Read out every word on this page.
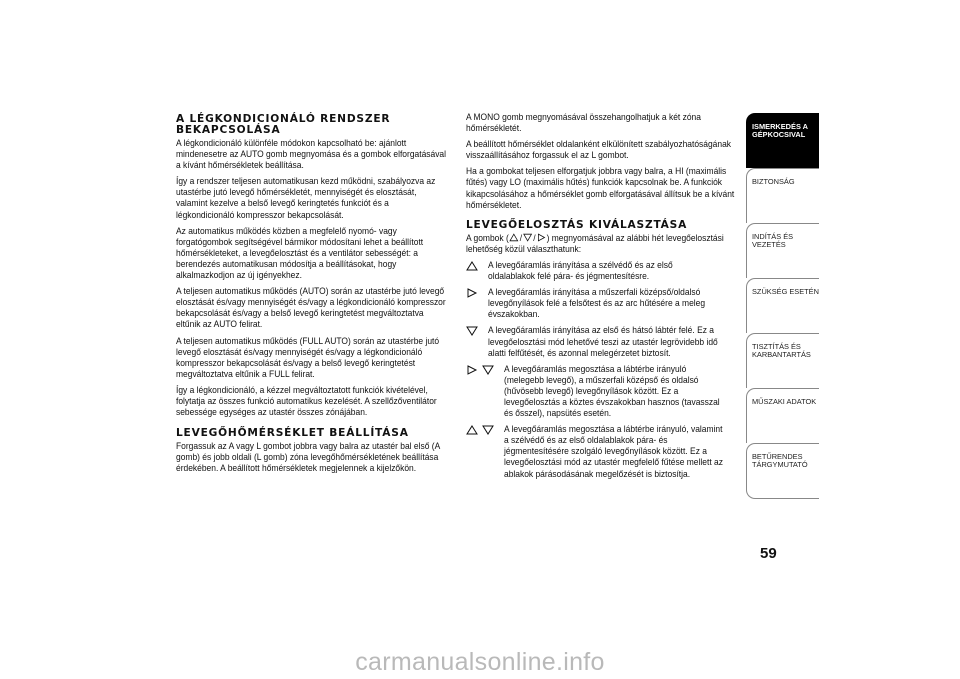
A LÉGKONDICIONÁLÓ RENDSZER BEKAPCSOLÁSA
A légkondicionáló különféle módokon kapcsolható be: ajánlott mindenesetre az AUTO gomb megnyomása és a gombok elforgatásával a kívánt hőmérsékletek beállítása.
Így a rendszer teljesen automatikusan kezd működni, szabályozva az utastérbe jutó levegő hőmérsékletét, mennyiségét és elosztását, valamint kezelve a belső levegő keringtetés funkciót és a légkondicionáló kompresszor bekapcsolását.
Az automatikus működés közben a megfelelő nyomó- vagy forgatógombok segítségével bármikor módosítani lehet a beállított hőmérsékleteket, a levegőelosztást és a ventilátor sebességét: a berendezés automatikusan módosítja a beállításokat, hogy alkalmazkodjon az új igényekhez.
A teljesen automatikus működés (AUTO) során az utastérbe jutó levegő elosztását és/vagy mennyiségét és/vagy a légkondicionáló kompresszor bekapcsolását és/vagy a belső levegő keringtetést megváltoztatva eltűnik az AUTO felirat.
A teljesen automatikus működés (FULL AUTO) során az utastérbe jutó levegő elosztását és/vagy mennyiségét és/vagy a légkondicionáló kompresszor bekapcsolását és/vagy a belső levegő keringtetést megváltoztatva eltűnik a FULL felirat.
Így a légkondicionáló, a kézzel megváltoztatott funkciók kivételével, folytatja az összes funkció automatikus kezelését. A szellőzőventilátor sebessége egységes az utastér összes zónájában.
LEVEGŐHŐMÉRSÉKLET BEÁLLÍTÁSA
Forgassuk az A vagy L gombot jobbra vagy balra az utastér bal első (A gomb) és jobb oldali (L gomb) zóna levegőhőmérsékletének beállítása érdekében. A beállított hőmérsékletek megjelennek a kijelzőkön.
A MONO gomb megnyomásával összehangolhatjuk a két zóna hőmérsékletét.
A beállított hőmérséklet oldalanként elkülönített szabályozhatóságának visszaállításához forgassuk el az L gombot.
Ha a gombokat teljesen elforgatjuk jobbra vagy balra, a HI (maximális fűtés) vagy LO (maximális hűtés) funkciók kapcsolnak be. A funkciók kikapcsolásához a hőmérséklet gomb elforgatásával állítsuk be a kívánt hőmérsékletet.
LEVEGŐELOSZTÁS KIVÁLASZTÁSA
A gombok ( / / ) megnyomásával az alábbi hét levegőelosztási lehetőség közül választhatunk:
A levegőáramlás irányítása a szélvédő és az első oldalablakok felé pára- és jégmentesítésre.
A levegőáramlás irányítása a műszerfali középső/oldalsó levegőnyílások felé a felsőtest és az arc hűtésére a meleg évszakokban.
A levegőáramlás irányítása az első és hátsó lábtér felé. Ez a levegőelosztási mód lehetővé teszi az utastér legrövidebb idő alatti felfűtését, és azonnal melegérzetet biztosít.
A levegőáramlás megosztása a lábtérbe irányuló (melegebb levegő), a műszerfali középső és oldalsó (hűvösebb levegő) levegőnyílások között. Ez a levegőelosztás a köztes évszakokban hasznos (tavasszal és ősszel), napsütés esetén.
A levegőáramlás megosztása a lábtérbe irányuló, valamint a szélvédő és az első oldalablakok pára- és jégmentesítésére szolgáló levegőnyílások között. Ez a levegőelosztási mód az utastér megfelelő fűtése mellett az ablakok párásodásának megelőzését is biztosítja.
ISMERKEDÉS A GÉPKOCSIVAL
BIZTONSÁG
INDÍTÁS ÉS VEZETÉS
SZÜKSÉG ESETÉN
TISZTÍTÁS ÉS KARBANTARTÁS
MŰSZAKI ADATOK
BETŰRENDES TÁRGYMUTATÓ
59
carmanualsonline.info
